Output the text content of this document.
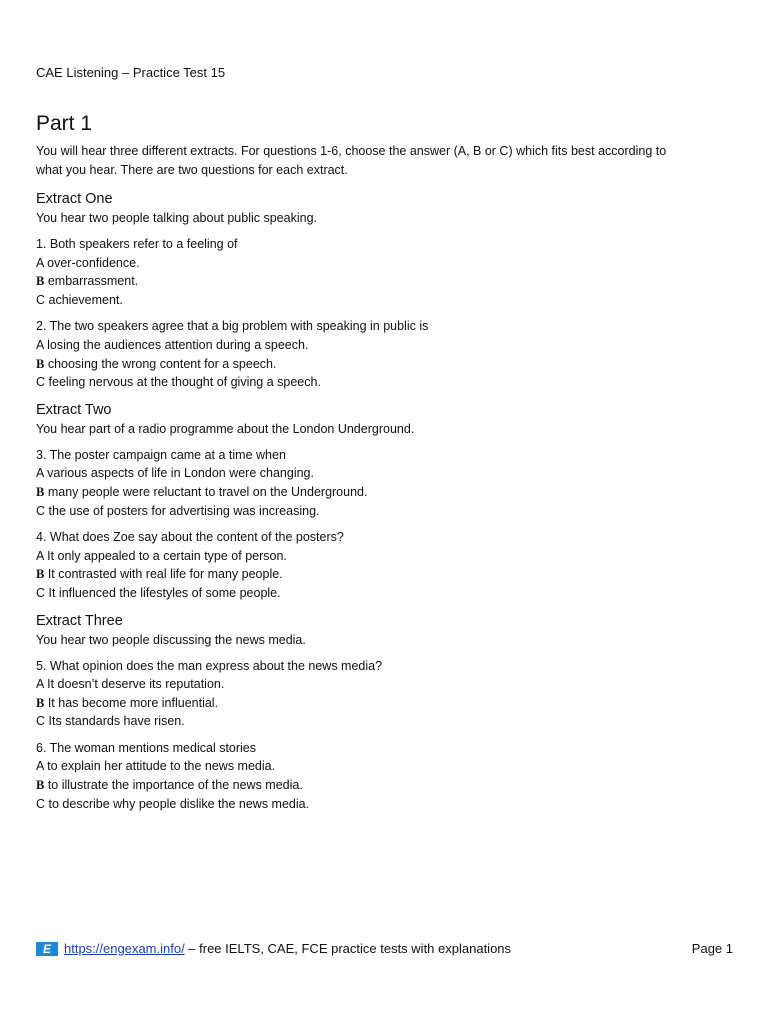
CAE Listening – Practice Test 15
Part 1
You will hear three different extracts. For questions 1-6, choose the answer (A, B or C) which fits best according to
what you hear. There are two questions for each extract.
Extract One
You hear two people talking about public speaking.
1. Both speakers refer to a feeling of
A over-confidence.
B embarrassment.
C achievement.
2. The two speakers agree that a big problem with speaking in public is
A losing the audiences attention during a speech.
B choosing the wrong content for a speech.
C feeling nervous at the thought of giving a speech.
Extract Two
You hear part of a radio programme about the London Underground.
3. The poster campaign came at a time when
A various aspects of life in London were changing.
B many people were reluctant to travel on the Underground.
C the use of posters for advertising was increasing.
4. What does Zoe say about the content of the posters?
A It only appealed to a certain type of person.
B It contrasted with real life for many people.
C It influenced the lifestyles of some people.
Extract Three
You hear two people discussing the news media.
5. What opinion does the man express about the news media?
A It doesn’t deserve its reputation.
B It has become more influential.
C Its standards have risen.
6. The woman mentions medical stories
A to explain her attitude to the news media.
B to illustrate the importance of the news media.
C to describe why people dislike the news media.
E	https://engexam.info/ – free IELTS, CAE, FCE practice tests with explanations	Page 1
